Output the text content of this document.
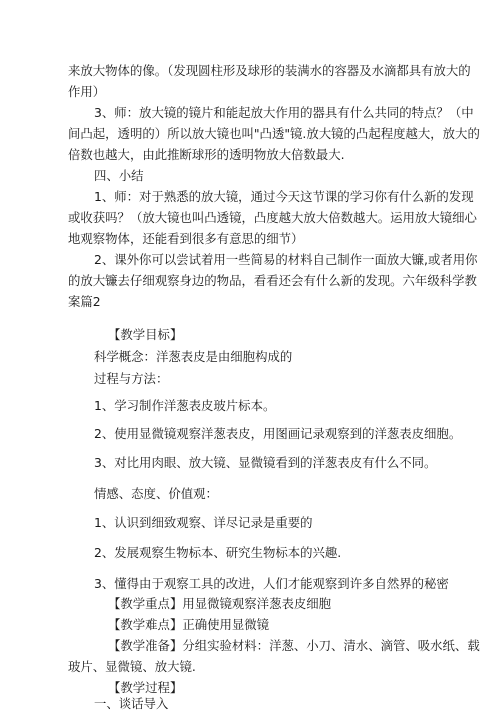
来放大物体的像。（发现圆柱形及球形的装满水的容器及水滴都具有放大的
作用）
3、师：放大镜的镜片和能起放大作用的器具有什么共同的特点？（中
间凸起，透明的）所以放大镜也叫"凸透"镜.放大镜的凸起程度越大，放大的
倍数也越大，由此推断球形的透明物放大倍数最大.
四、小结
1、师：对于熟悉的放大镜，通过今天这节课的学习你有什么新的发现
或收获吗？（放大镜也叫凸透镜，凸度越大放大倍数越大。运用放大镜细心
地观察物体，还能看到很多有意思的细节）
2、课外你可以尝试着用一些简易的材料自己制作一面放大镰,或者用你
的放大镰去仔细观察身边的物品，看看还会有什么新的发现。六年级科学教
案篇2
【教学目标】
科学概念：洋葱表皮是由细胞构成的
过程与方法：
1、学习制作洋葱表皮玻片标本。
2、使用显微镜观察洋葱表皮，用图画记录观察到的洋葱表皮细胞。
3、对比用肉眼、放大镜、显微镜看到的洋葱表皮有什么不同。
情感、态度、价值观：
1、认识到细致观察、详尽记录是重要的
2、发展观察生物标本、研究生物标本的兴趣.
3、懂得由于观察工具的改进，人们才能观察到许多自然界的秘密
【教学重点】用显微镜观察洋葱表皮细胞
【教学难点】正确使用显微镜
【教学准备】分组实验材料：洋葱、小刀、清水、滴管、吸水纸、载
玻片、显微镜、放大镜.
【教学过程】
一、谈话导入
